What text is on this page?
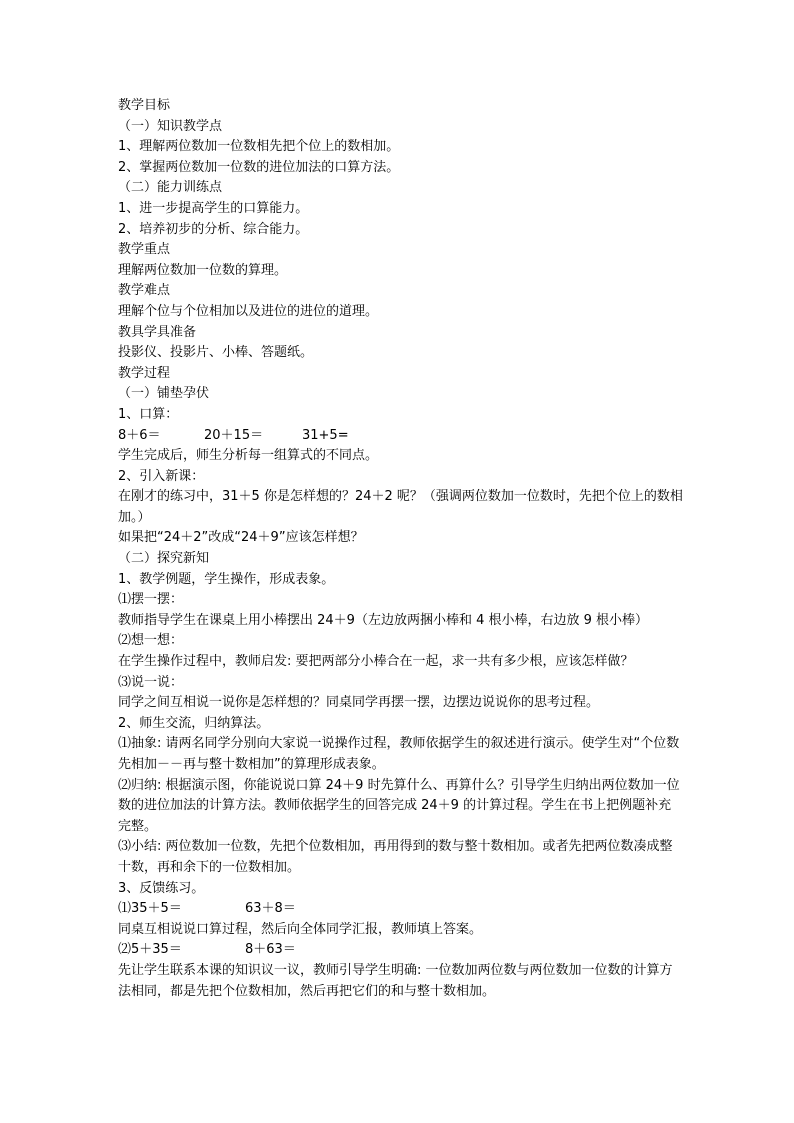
教学目标

（一）知识教学点

1、理解两位数加一位数相先把个位上的数相加。

2、掌握两位数加一位数的进位加法的口算方法。

（二）能力训练点

1、进一步提高学生的口算能力。

2、培养初步的分析、综合能力。

教学重点

理解两位数加一位数的算理。

教学难点

理解个位与个位相加以及进位的进位的道理。

教具学具准备

投影仪、投影片、小棒、答题纸。

教学过程

（一）铺垫孕伏

1、口算：

8＋6＝	20＋15＝	31+5=

学生完成后，师生分析每一组算式的不同点。

2、引入新课：

在刚才的练习中，31＋5 你是怎样想的？24＋2 呢？（强调两位数加一位数时，先把个位上的数相加。）

如果把“24＋2”改成“24＋9”应该怎样想？

（二）探究新知

1、教学例题，学生操作，形成表象。

⑴摆一摆：

教师指导学生在课桌上用小棒摆出 24＋9（左边放两捆小棒和 4 根小棒，右边放 9 根小棒）

⑵想一想：

在学生操作过程中，教师启发: 要把两部分小棒合在一起，求一共有多少根，应该怎样做？

⑶说一说：

同学之间互相说一说你是怎样想的？同桌同学再摆一摆，边摆边说说你的思考过程。

2、师生交流，归纳算法。

⑴抽象: 请两名同学分别向大家说一说操作过程，教师依据学生的叙述进行演示。使学生对“个位数先相加－－再与整十数相加”的算理形成表象。

⑵归纳: 根据演示图，你能说说口算 24＋9 时先算什么、再算什么？引导学生归纳出两位数加一位数的进位加法的计算方法。教师依据学生的回答完成 24＋9 的计算过程。学生在书上把例题补充完整。

⑶小结: 两位数加一位数，先把个位数相加，再用得到的数与整十数相加。或者先把两位数凑成整十数，再和余下的一位数相加。

3、反馈练习。

⑴35＋5＝	63＋8＝

同桌互相说说口算过程，然后向全体同学汇报，教师填上答案。

⑵5＋35＝	8＋63＝

先让学生联系本课的知识议一议，教师引导学生明确: 一位数加两位数与两位数加一位数的计算方法相同，都是先把个位数相加，然后再把它们的和与整十数相加。
